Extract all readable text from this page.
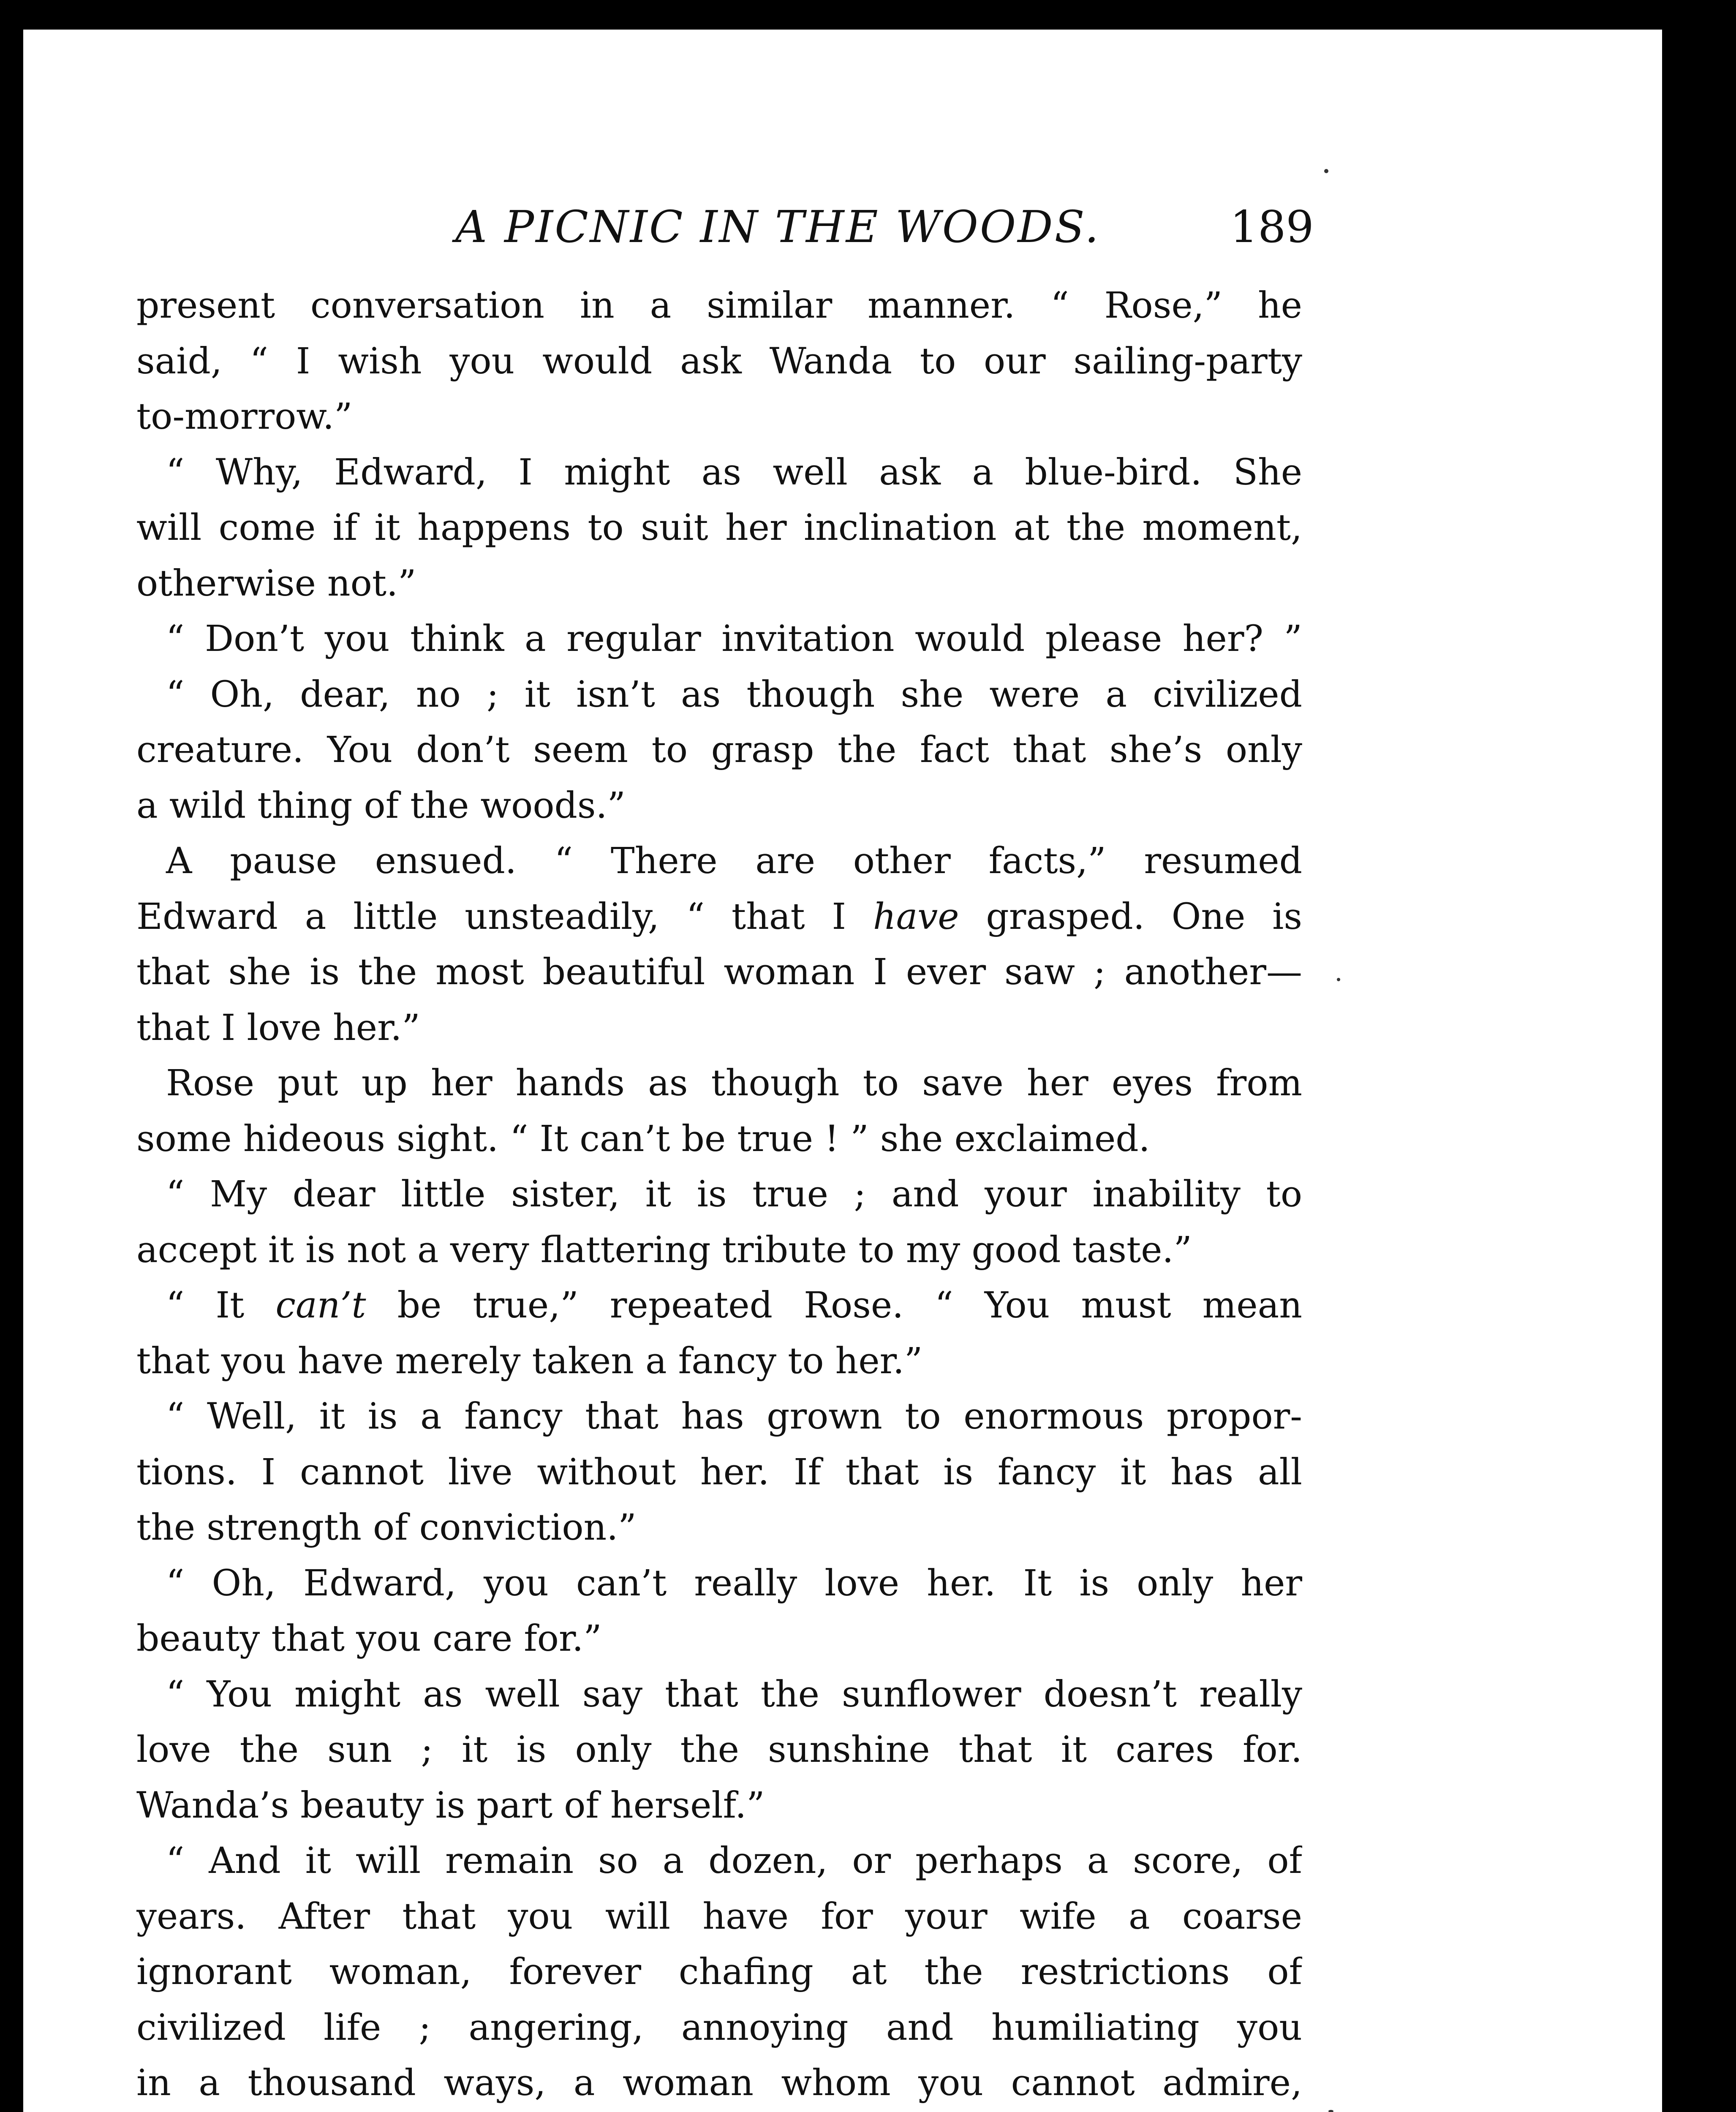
A PICNIC IN THE WOODS.	189
present conversation in a similar manner. “ Rose,” he
said, “ I wish you would ask Wanda to our sailing-party
to-morrow.”
“ Why, Edward, I might as well ask a blue-bird. She
will come if it happens to suit her inclination at the moment,
otherwise not.”
“ Don’t you think a regular invitation would please her? ”
“ Oh, dear, no ; it isn’t as though she were a civilized
creature. You don’t seem to grasp the fact that she’s only
a wild thing of the woods.”
A pause ensued. “ There are other facts,” resumed
Edward a little unsteadily, “ that I have grasped. One is
that she is the most beautiful woman I ever saw ; another—
that I love her.”
Rose put up her hands as though to save her eyes from
some hideous sight. “ It can’t be true ! ” she exclaimed.
“ My dear little sister, it is true ; and your inability to
accept it is not a very flattering tribute to my good taste.”
“ It can’t be true,” repeated Rose. “ You must mean
that you have merely taken a fancy to her.”
“ Well, it is a fancy that has grown to enormous propor-
tions. I cannot live without her. If that is fancy it has all
the strength of conviction.”
“ Oh, Edward, you can’t really love her. It is only her
beauty that you care for.”
“ You might as well say that the sunflower doesn’t really
love the sun ; it is only the sunshine that it cares for.
Wanda’s beauty is part of herself.”
“ And it will remain so a dozen, or perhaps a score, of
years. After that you will have for your wife a coarse
ignorant woman, forever chafing at the restrictions of
civilized life ; angering, annoying and humiliating you
in a thousand ways, a woman whom you cannot admire,
